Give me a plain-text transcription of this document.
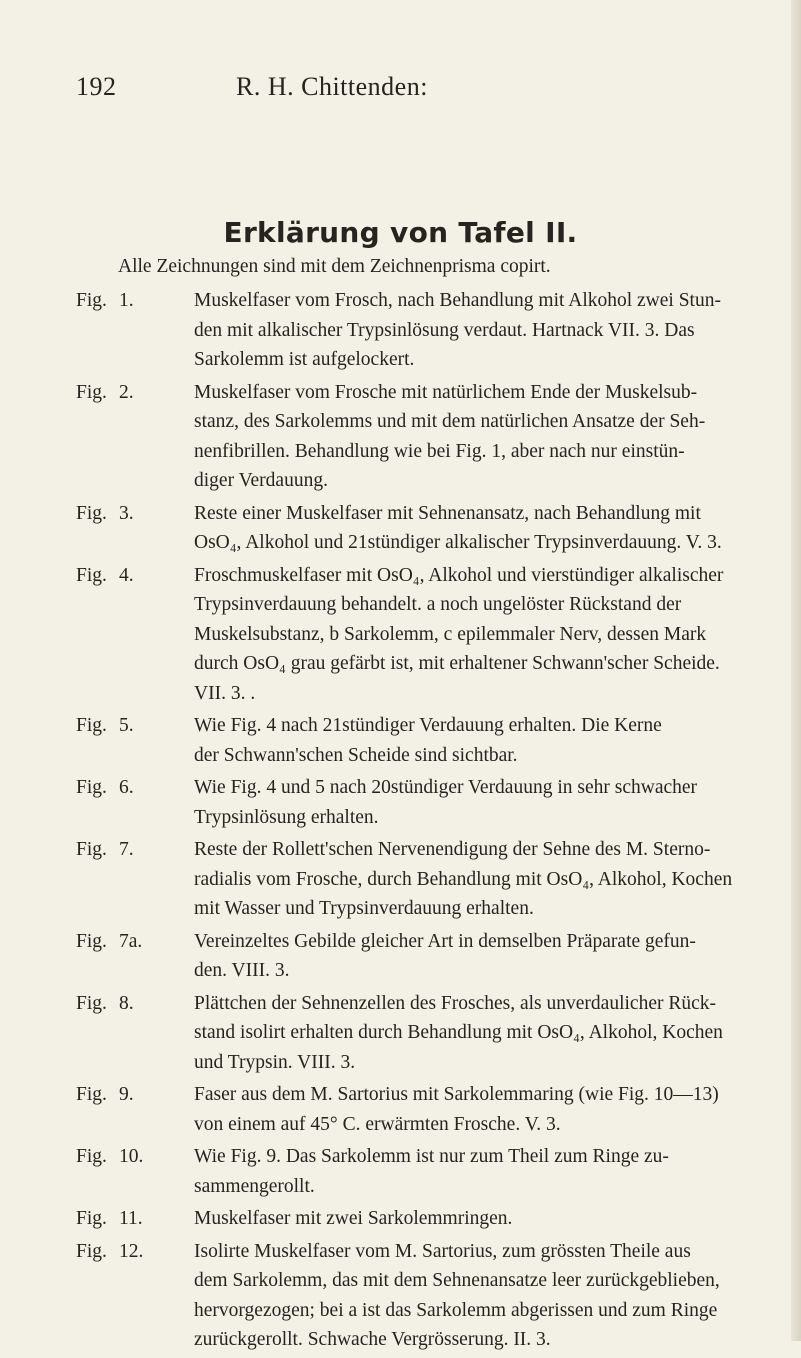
192	R. H. Chittenden:
Erklärung von Tafel II.
Alle Zeichnungen sind mit dem Zeichnenprisma copirt.
Fig. 1.	Muskelfaser vom Frosch, nach Behandlung mit Alkohol zwei Stun-
den mit alkalischer Trypsinlösung verdaut. Hartnack VII. 3. Das
Sarkolemm ist aufgelockert.
Fig. 2.	Muskelfaser vom Frosche mit natürlichem Ende der Muskelsub-
stanz, des Sarkolemms und mit dem natürlichen Ansatze der Seh-
nenfibrillen. Behandlung wie bei Fig. 1, aber nach nur einstün-
diger Verdauung.
Fig. 3.	Reste einer Muskelfaser mit Sehnenansatz, nach Behandlung mit
OsO₄, Alkohol und 21stündiger alkalischer Trypsinverdauung. V. 3.
Fig. 4.	Froschmuskelfaser mit OsO₄, Alkohol und vierstündiger alkalischer
Trypsinverdauung behandelt. a noch ungelöster Rückstand der
Muskelsubstanz, b Sarkolemm, c epilemmaler Nerv, dessen Mark
durch OsO₄ grau gefärbt ist, mit erhaltener Schwann'scher Scheide.
VII. 3. .
Fig. 5.	Wie Fig. 4 nach 21stündiger Verdauung erhalten. Die Kerne
der Schwann'schen Scheide sind sichtbar.
Fig. 6.	Wie Fig. 4 und 5 nach 20stündiger Verdauung in sehr schwacher
Trypsinlösung erhalten.
Fig. 7.	Reste der Rollett'schen Nervenendigung der Sehne des M. Sterno-
radialis vom Frosche, durch Behandlung mit OsO₄, Alkohol, Kochen
mit Wasser und Trypsinverdauung erhalten.
Fig. 7a.	Vereinzeltes Gebilde gleicher Art in demselben Präparate gefun-
den. VIII. 3.
Fig. 8.	Plättchen der Sehnenzellen des Frosches, als unverdaulicher Rück-
stand isolirt erhalten durch Behandlung mit OsO₄, Alkohol, Kochen
und Trypsin. VIII. 3.
Fig. 9.	Faser aus dem M. Sartorius mit Sarkolemmaring (wie Fig. 10—13)
von einem auf 45° C. erwärmten Frosche. V. 3.
Fig. 10.	Wie Fig. 9. Das Sarkolemm ist nur zum Theil zum Ringe zu-
sammengerollt.
Fig. 11.	Muskelfaser mit zwei Sarkolemmringen.
Fig. 12.	Isolirte Muskelfaser vom M. Sartorius, zum grössten Theile aus
dem Sarkolemm, das mit dem Sehnenansatze leer zurückgeblieben,
hervorgezogen; bei a ist das Sarkolemm abgerissen und zum Ringe
zurückgerollt. Schwache Vergrösserung. II. 3.
